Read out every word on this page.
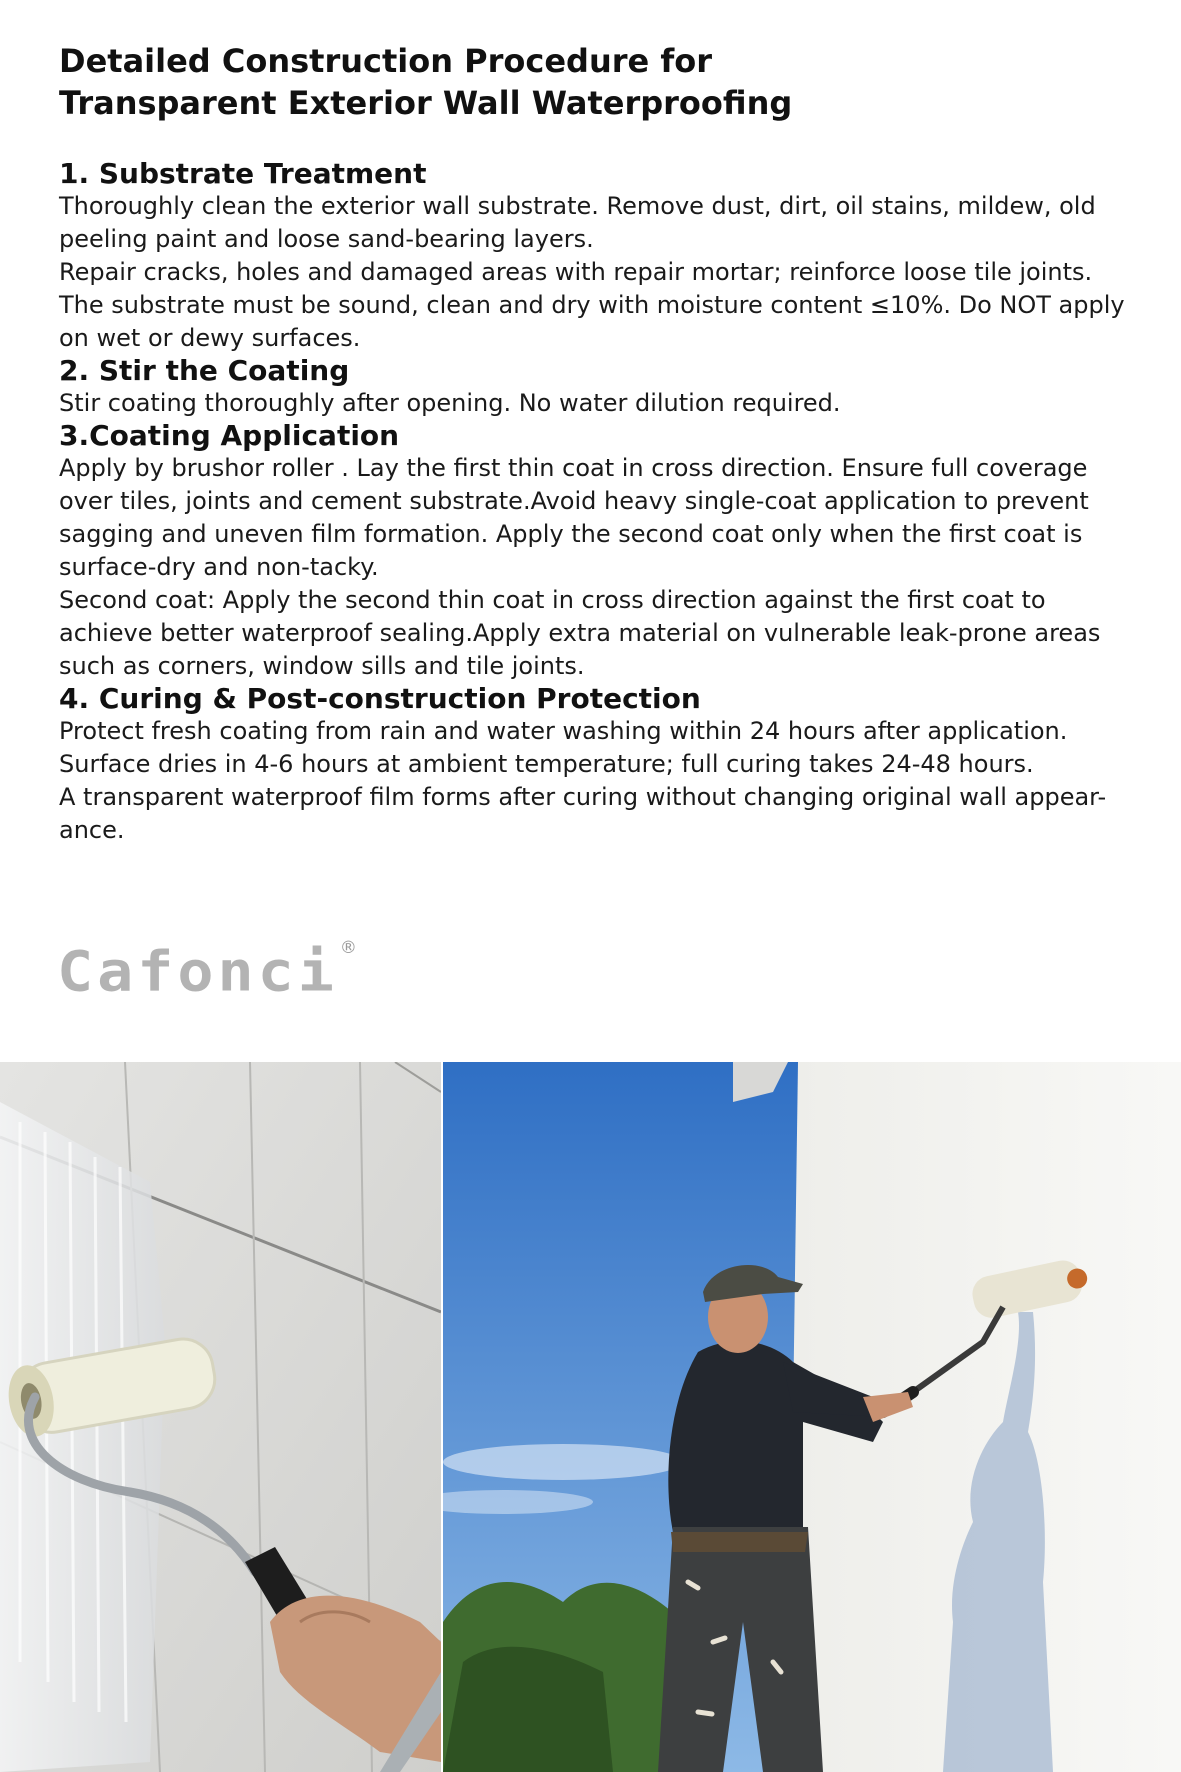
Detailed Construction Procedure for
Transparent Exterior Wall Waterproofing
1. Substrate Treatment

Thoroughly clean the exterior wall substrate. Remove dust, dirt, oil stains, mildew, old
peeling paint and loose sand-bearing layers.
Repair cracks, holes and damaged areas with repair mortar; reinforce loose tile joints.
The substrate must be sound, clean and dry with moisture content ≤10%. Do NOT apply
on wet or dewy surfaces.

2. Stir the Coating

Stir coating thoroughly after opening. No water dilution required.

3.Coating Application

Apply by brushor roller . Lay the first thin coat in cross direction. Ensure full coverage
over tiles, joints and cement substrate.Avoid heavy single-coat application to prevent
sagging and uneven film formation. Apply the second coat only when the first coat is
surface-dry and non-tacky.
Second coat: Apply the second thin coat in cross direction against the first coat to
achieve better waterproof sealing.Apply extra material on vulnerable leak-prone areas
such as corners, window sills and tile joints.

4. Curing & Post-construction Protection

Protect fresh coating from rain and water washing within 24 hours after application.
Surface dries in 4-6 hours at ambient temperature; full curing takes 24-48 hours.
A transparent waterproof film forms after curing without changing original wall appear-
ance.

Cafonci ®
